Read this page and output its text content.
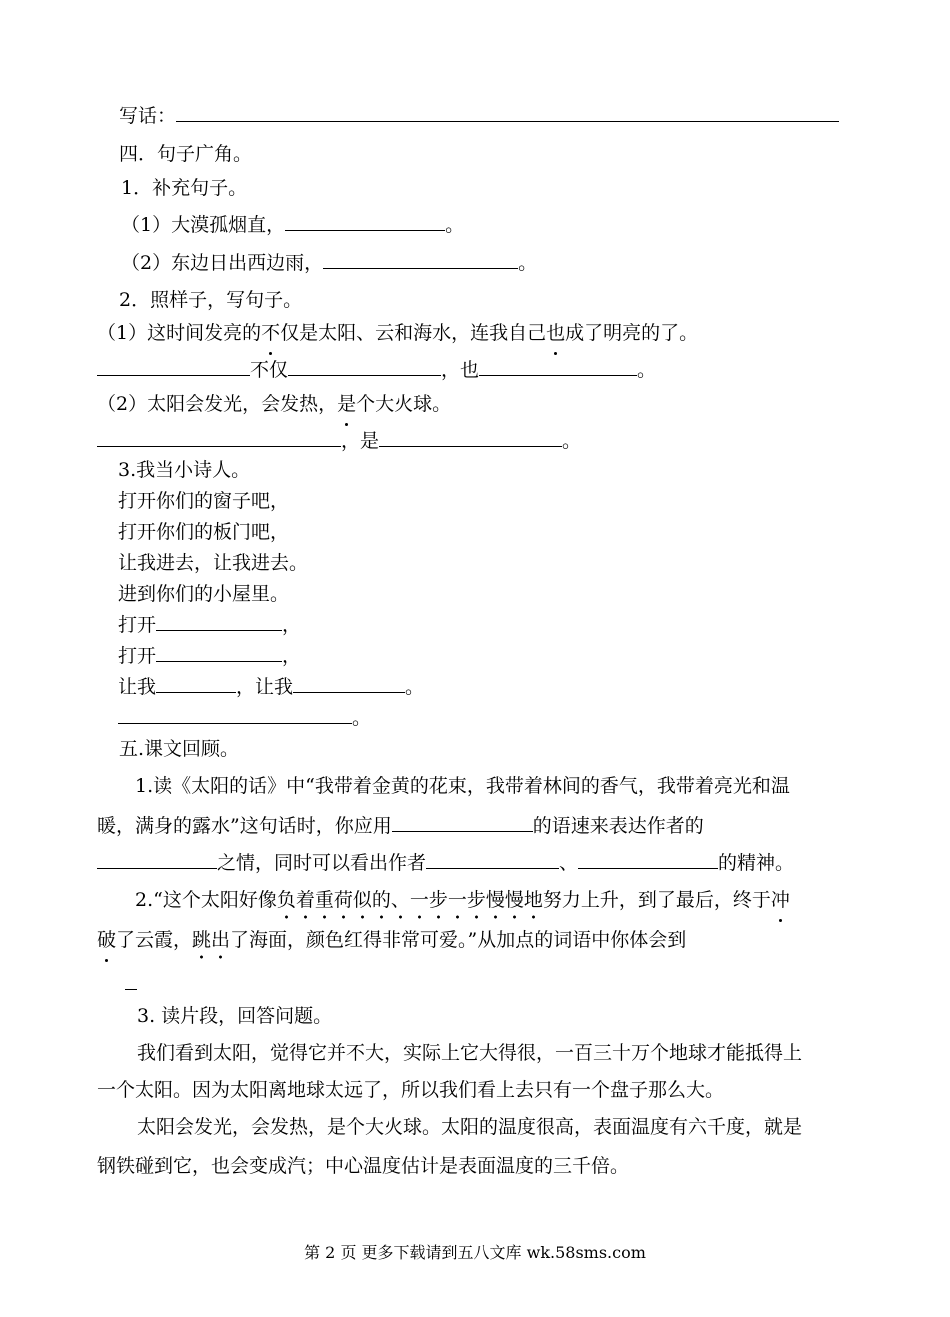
写话：
四．句子广角。
1．补充句子。
（1）大漠孤烟直，	。
（2）东边日出西边雨，	。
2．照样子，写句子。
（1）这时间发亮的不仅是太阳、云和海水，连我自己也成了明亮的了。
不仅	，也	。
（2）太阳会发光，会发热，是个大火球。
，是	。
3.我当小诗人。
打开你们的窗子吧，
打开你们的板门吧，
让我进去，让我进去。
进到你们的小屋里。
打开	，
打开	，
让我	，让我	。
。
五.课文回顾。
1.读《太阳的话》中“我带着金黄的花束，我带着林间的香气，我带着亮光和温
暖，满身的露水”这句话时，你应用	的语速来表达作者的
之情，同时可以看出作者	、	的精神。
2.“这个太阳好像负着重荷似的、一步一步慢慢地努力上升，到了最后，终于冲
破了云霞，跳出了海面，颜色红得非常可爱。”从加点的词语中你体会到
3. 读片段，回答问题。
我们看到太阳，觉得它并不大，实际上它大得很，一百三十万个地球才能抵得上
一个太阳。因为太阳离地球太远了，所以我们看上去只有一个盘子那么大。
太阳会发光，会发热，是个大火球。太阳的温度很高，表面温度有六千度，就是
钢铁碰到它，也会变成汽；中心温度估计是表面温度的三千倍。
第 2 页 更多下载请到五八文库 wk.58sms.com
